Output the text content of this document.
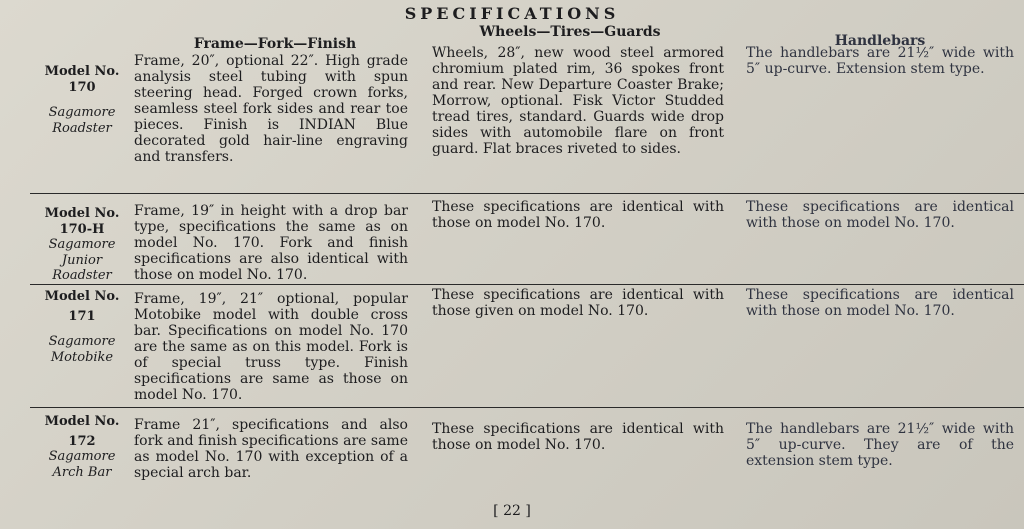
SPECIFICATIONS
Frame—Fork—Finish
Wheels—Tires—Guards
Handlebars
Model No.
170
Sagamore
Roadster

Frame, 20″, optional 22″. High grade analysis steel tubing with spun steering head. Forged crown forks, seamless steel fork sides and rear toe pieces. Finish is INDIAN Blue decorated gold hair-line engraving and transfers.

Wheels, 28″, new wood steel armored chromium plated rim, 36 spokes front and rear. New Departure Coaster Brake; Morrow, optional. Fisk Victor Studded tread tires, standard. Guards wide drop sides with automobile flare on front guard. Flat braces riveted to sides.

The handlebars are 21½″ wide with 5″ up-curve. Extension stem type.

Model No.
170-H
Sagamore
Junior
Roadster

Frame, 19″ in height with a drop bar type, specifications the same as on model No. 170. Fork and finish specifications are also identical with those on model No. 170.

These specifications are identical with those on model No. 170.

These specifications are identical with those on model No. 170.

Model No.
171
Sagamore
Motobike

Frame, 19″, 21″ optional, popular Motobike model with double cross bar. Specifications on model No. 170 are the same as on this model. Fork is of special truss type. Finish specifications are same as those on model No. 170.

These specifications are identical with those given on model No. 170.

These specifications are identical with those on model No. 170.

Model No.
172
Sagamore
Arch Bar

Frame 21″, specifications and also fork and finish specifications are same as model No. 170 with exception of a special arch bar.

These specifications are identical with those on model No. 170.

The handlebars are 21½″ wide with 5″ up-curve. They are of the extension stem type.

[ 22 ]
